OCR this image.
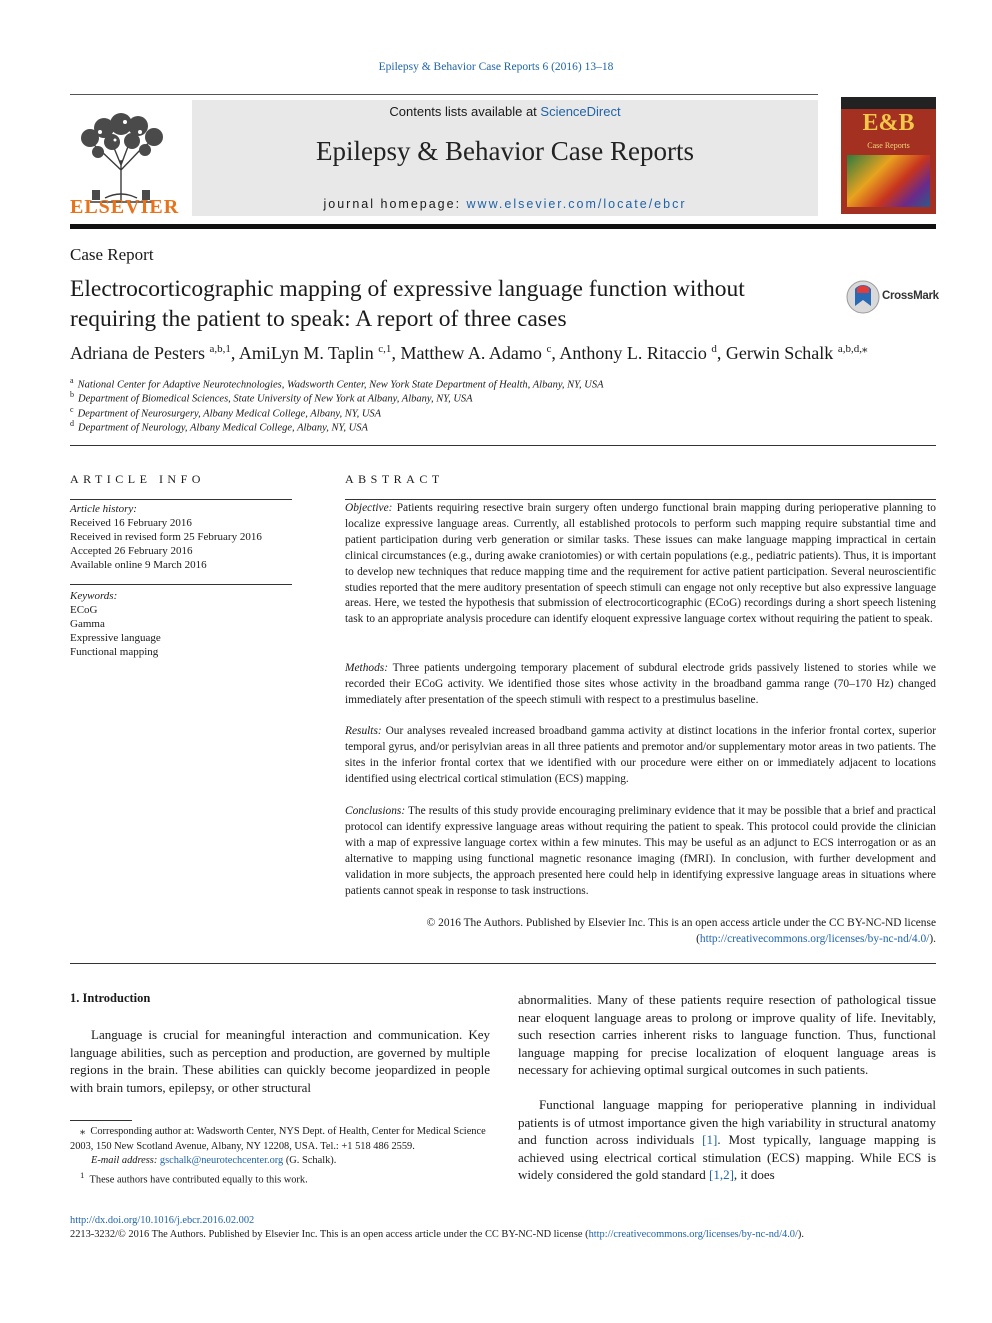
Epilepsy & Behavior Case Reports 6 (2016) 13–18
ELSEVIER
Contents lists available at ScienceDirect
Epilepsy & Behavior Case Reports
journal homepage: www.elsevier.com/locate/ebcr
E&B
Case Reports
Case Report
Electrocorticographic mapping of expressive language function without requiring the patient to speak: A report of three cases
CrossMark
Adriana de Pesters $^{a,b,1}$, AmiLyn M. Taplin $^{c,1}$, Matthew A. Adamo $^c$, Anthony L. Ritaccio $^d$, Gerwin Schalk $^{a,b,d,⁎}$
$^a$ National Center for Adaptive Neurotechnologies, Wadsworth Center, New York State Department of Health, Albany, NY, USA
$^b$ Department of Biomedical Sciences, State University of New York at Albany, Albany, NY, USA
$^c$ Department of Neurosurgery, Albany Medical College, Albany, NY, USA
$^d$ Department of Neurology, Albany Medical College, Albany, NY, USA
ARTICLE INFO
Article history:
Received 16 February 2016
Received in revised form 25 February 2016
Accepted 26 February 2016
Available online 9 March 2016
Keywords:
ECoG
Gamma
Expressive language
Functional mapping
ABSTRACT
Objective: Patients requiring resective brain surgery often undergo functional brain mapping during perioperative planning to localize expressive language areas. Currently, all established protocols to perform such mapping require substantial time and patient participation during verb generation or similar tasks. These issues can make language mapping impractical in certain clinical circumstances (e.g., during awake craniotomies) or with certain populations (e.g., pediatric patients). Thus, it is important to develop new techniques that reduce mapping time and the requirement for active patient participation. Several neuroscientific studies reported that the mere auditory presentation of speech stimuli can engage not only receptive but also expressive language areas. Here, we tested the hypothesis that submission of electrocorticographic (ECoG) recordings during a short speech listening task to an appropriate analysis procedure can identify eloquent expressive language cortex without requiring the patient to speak.
Methods: Three patients undergoing temporary placement of subdural electrode grids passively listened to stories while we recorded their ECoG activity. We identified those sites whose activity in the broadband gamma range (70–170 Hz) changed immediately after presentation of the speech stimuli with respect to a prestimulus baseline.
Results: Our analyses revealed increased broadband gamma activity at distinct locations in the inferior frontal cortex, superior temporal gyrus, and/or perisylvian areas in all three patients and premotor and/or supplementary motor areas in two patients. The sites in the inferior frontal cortex that we identified with our procedure were either on or immediately adjacent to locations identified using electrical cortical stimulation (ECS) mapping.
Conclusions: The results of this study provide encouraging preliminary evidence that it may be possible that a brief and practical protocol can identify expressive language areas without requiring the patient to speak. This protocol could provide the clinician with a map of expressive language cortex within a few minutes. This may be useful as an adjunct to ECS interrogation or as an alternative to mapping using functional magnetic resonance imaging (fMRI). In conclusion, with further development and validation in more subjects, the approach presented here could help in identifying expressive language areas in situations where patients cannot speak in response to task instructions.
© 2016 The Authors. Published by Elsevier Inc. This is an open access article under the CC BY-NC-ND license
(http://creativecommons.org/licenses/by-nc-nd/4.0/).
1. Introduction
Language is crucial for meaningful interaction and communication. Key language abilities, such as perception and production, are governed by multiple regions in the brain. These abilities can quickly become jeopardized in people with brain tumors, epilepsy, or other structural
abnormalities. Many of these patients require resection of pathological tissue near eloquent language areas to prolong or improve quality of life. Inevitably, such resection carries inherent risks to language function. Thus, functional language mapping for precise localization of eloquent language areas is necessary for achieving optimal surgical outcomes in such patients.
Functional language mapping for perioperative planning in individual patients is of utmost importance given the high variability in structural anatomy and function across individuals [1]. Most typically, language mapping is achieved using electrical cortical stimulation (ECS) mapping. While ECS is widely considered the gold standard [1,2], it does
⁎ Corresponding author at: Wadsworth Center, NYS Dept. of Health, Center for Medical Science 2003, 150 New Scotland Avenue, Albany, NY 12208, USA. Tel.: +1 518 486 2559.
E-mail address: gschalk@neurotechcenter.org (G. Schalk).
$^1$ These authors have contributed equally to this work.
http://dx.doi.org/10.1016/j.ebcr.2016.02.002
2213-3232/© 2016 The Authors. Published by Elsevier Inc. This is an open access article under the CC BY-NC-ND license (http://creativecommons.org/licenses/by-nc-nd/4.0/).
